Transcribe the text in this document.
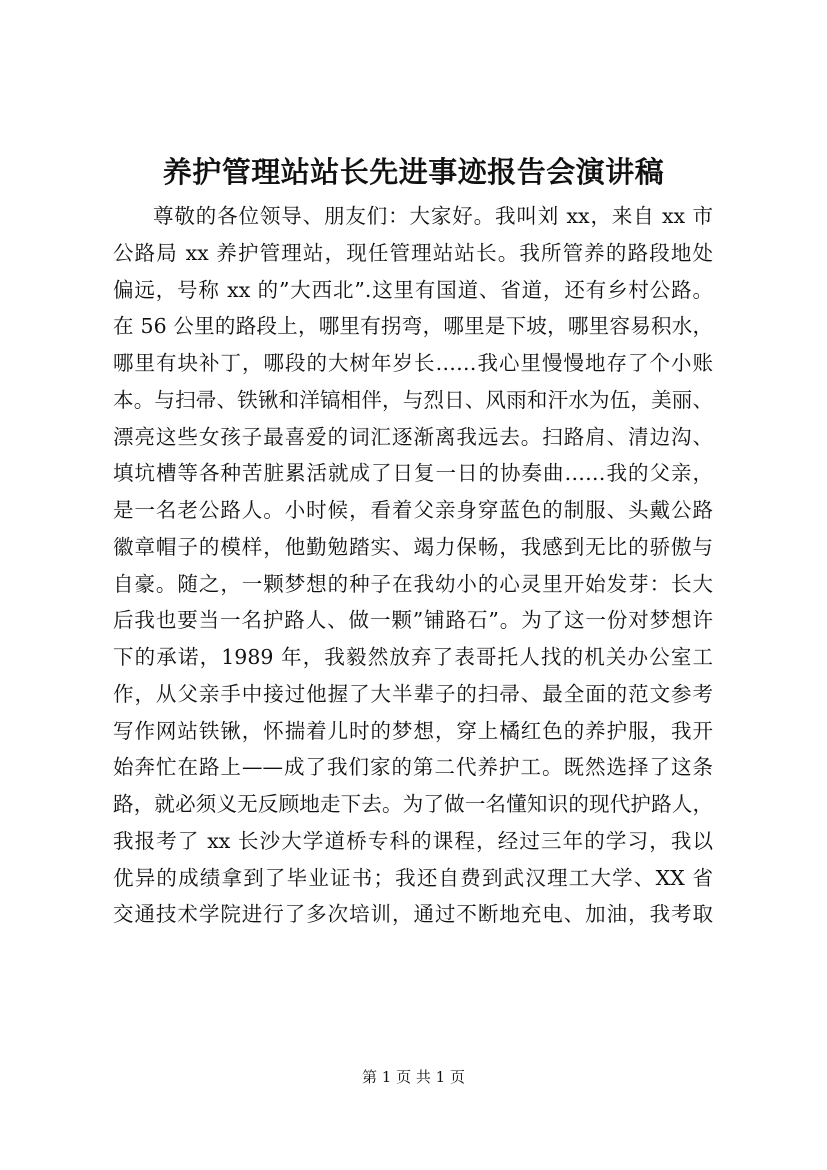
养护管理站站长先进事迹报告会演讲稿
尊敬的各位领导、朋友们：大家好。我叫刘 xx，来自 xx 市
公路局 xx 养护管理站，现任管理站站长。我所管养的路段地处
偏远，号称 xx 的”大西北”.这里有国道、省道，还有乡村公路。
在 56 公里的路段上，哪里有拐弯，哪里是下坡，哪里容易积水，
哪里有块补丁，哪段的大树年岁长……我心里慢慢地存了个小账
本。与扫帚、铁锹和洋镐相伴，与烈日、风雨和汗水为伍，美丽、
漂亮这些女孩子最喜爱的词汇逐渐离我远去。扫路肩、清边沟、
填坑槽等各种苦脏累活就成了日复一日的协奏曲……我的父亲，
是一名老公路人。小时候，看着父亲身穿蓝色的制服、头戴公路
徽章帽子的模样，他勤勉踏实、竭力保畅，我感到无比的骄傲与
自豪。随之，一颗梦想的种子在我幼小的心灵里开始发芽：长大
后我也要当一名护路人、做一颗”铺路石”。为了这一份对梦想许
下的承诺，1989 年，我毅然放弃了表哥托人找的机关办公室工
作，从父亲手中接过他握了大半辈子的扫帚、最全面的范文参考
写作网站铁锹，怀揣着儿时的梦想，穿上橘红色的养护服，我开
始奔忙在路上——成了我们家的第二代养护工。既然选择了这条
路，就必须义无反顾地走下去。为了做一名懂知识的现代护路人，
我报考了 xx 长沙大学道桥专科的课程，经过三年的学习，我以
优异的成绩拿到了毕业证书；我还自费到武汉理工大学、XX 省
交通技术学院进行了多次培训，通过不断地充电、加油，我考取
第 1 页 共 1 页
